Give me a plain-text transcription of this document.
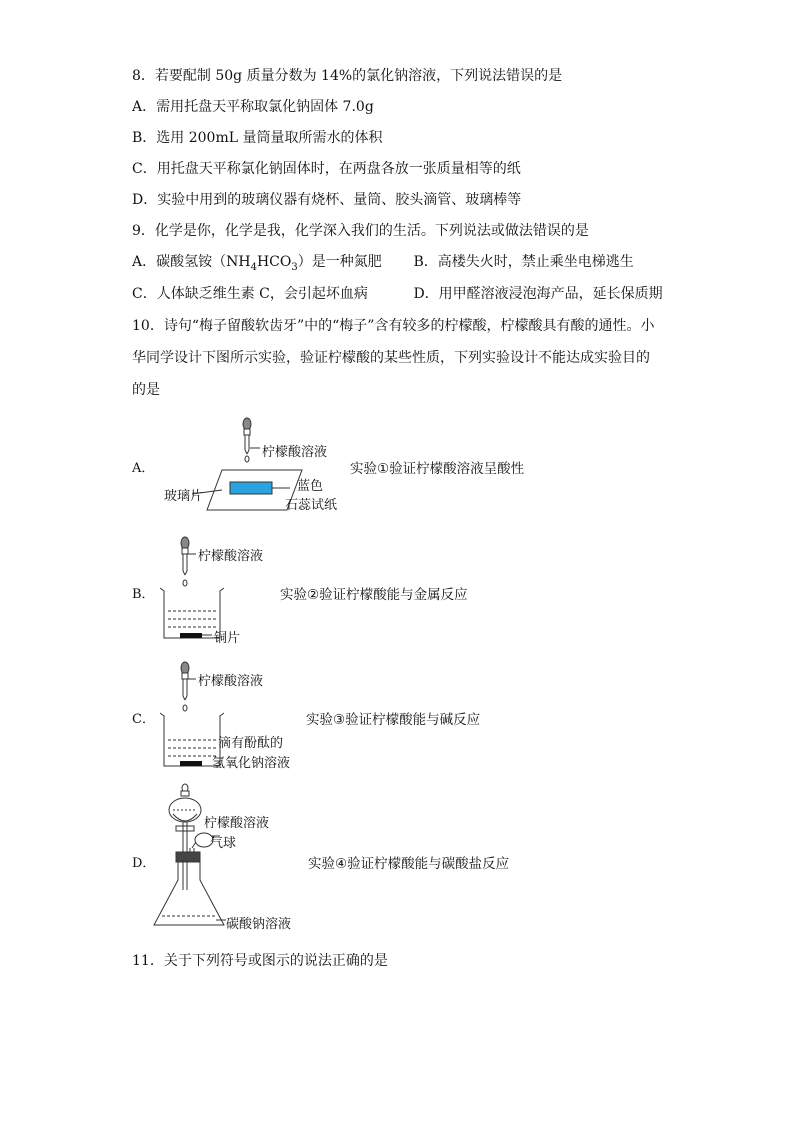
8．若要配制 50g 质量分数为 14%的氯化钠溶液，下列说法错误的是
A．需用托盘天平称取氯化钠固体 7.0g
B．选用 200mL 量筒量取所需水的体积
C．用托盘天平称氯化钠固体时，在两盘各放一张质量相等的纸
D．实验中用到的玻璃仪器有烧杯、量筒、胶头滴管、玻璃棒等
9．化学是你，化学是我，化学深入我们的生活。下列说法或做法错误的是
A．碳酸氢铵$(NH_4HCO_3)$是一种氮肥 B．高楼失火时，禁止乘坐电梯逃生
C．人体缺乏维生素 C，会引起坏血病	D．用甲醛溶液浸泡海产品，延长保质期
10．诗句“梅子留酸软齿牙”中的“梅子”含有较多的柠檬酸，柠檬酸具有酸的通性。小
华同学设计下图所示实验，验证柠檬酸的某些性质，下列实验设计不能达成实验目的
的是
A．
柠檬酸溶液
玻璃片
蓝色
石蕊试纸
实验①验证柠檬酸溶液呈酸性
B．
柠檬酸溶液
铜片
实验②验证柠檬酸能与金属反应
C．
柠檬酸溶液
滴有酚酞的
氢氧化钠溶液
实验③验证柠檬酸能与碱反应
D．
柠檬酸溶液
气球
碳酸钠溶液
实验④验证柠檬酸能与碳酸盐反应
11．关于下列符号或图示的说法正确的是
